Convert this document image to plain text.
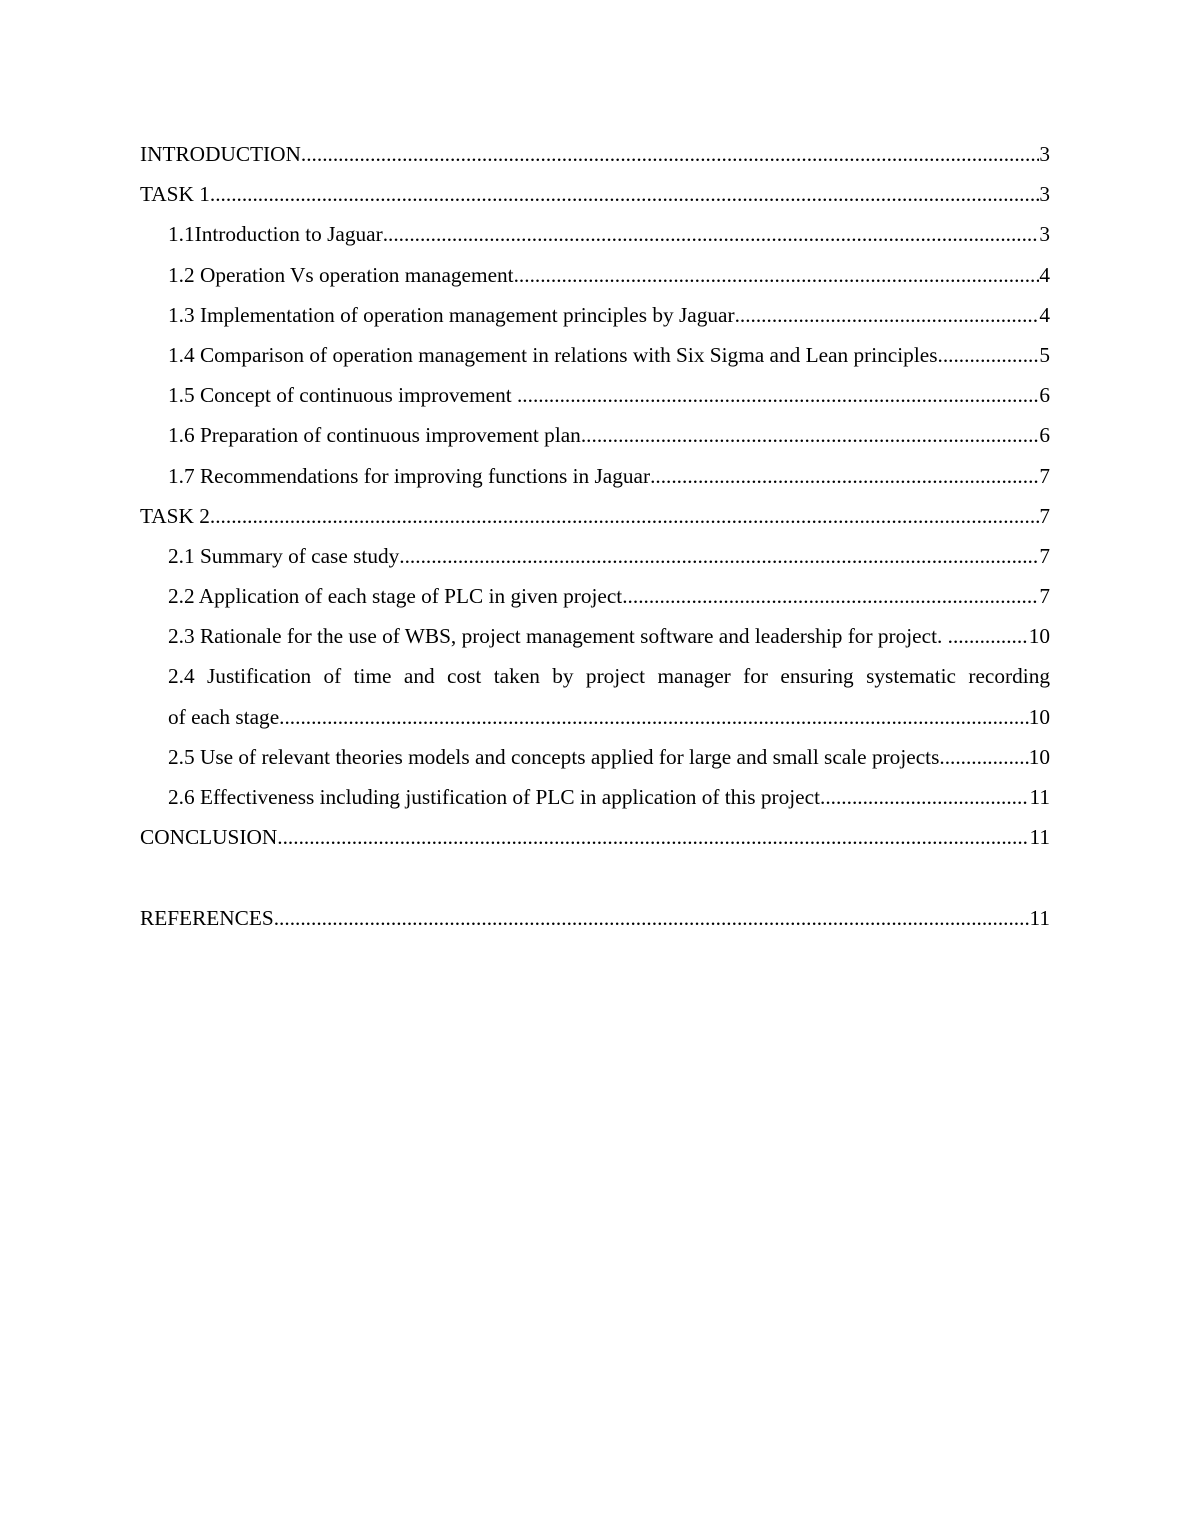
INTRODUCTION .....	3
TASK 1 .....	3
1.1Introduction to Jaguar .....	3
1.2 Operation Vs operation management .....	4
1.3 Implementation of operation management principles by Jaguar .....	4
1.4 Comparison of operation management in relations with Six Sigma and Lean principles .....	5
1.5 Concept of continuous improvement .....	6
1.6 Preparation of continuous improvement plan .....	6
1.7 Recommendations for improving functions in Jaguar .....	7
TASK 2 .....	7
2.1 Summary of case study .....	7
2.2 Application of each stage of PLC in given project .....	7
2.3 Rationale for the use of WBS, project management software and leadership for project. .....	10
2.4 Justification of time and cost taken by project manager for ensuring systematic recording
of each stage .....	10
2.5 Use of relevant theories models and concepts applied for large and small scale projects. .....	10
2.6 Effectiveness including justification of PLC in application of this project .....	11
CONCLUSION .....	11
REFERENCES .....	11
